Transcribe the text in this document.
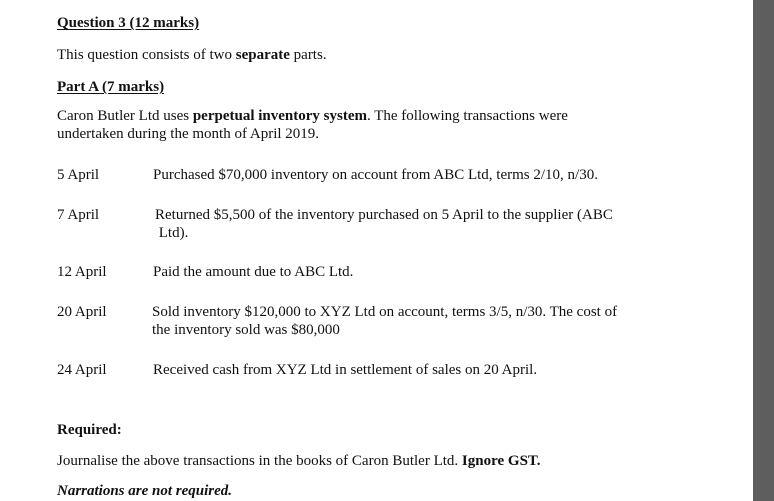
Question 3 (12 marks)
This question consists of two separate parts.
Part A (7 marks)
Caron Butler Ltd uses perpetual inventory system. The following transactions were
undertaken during the month of April 2019.
5 April	Purchased $70,000 inventory on account from ABC Ltd, terms 2/10, n/30.
7 April	Returned $5,500 of the inventory purchased on 5 April to the supplier (ABC
Ltd).
12 April	Paid the amount due to ABC Ltd.
20 April	Sold inventory $120,000 to XYZ Ltd on account, terms 3/5, n/30. The cost of
the inventory sold was $80,000
24 April	Received cash from XYZ Ltd in settlement of sales on 20 April.
Required:
Journalise the above transactions in the books of Caron Butler Ltd. Ignore GST.
Narrations are not required.
